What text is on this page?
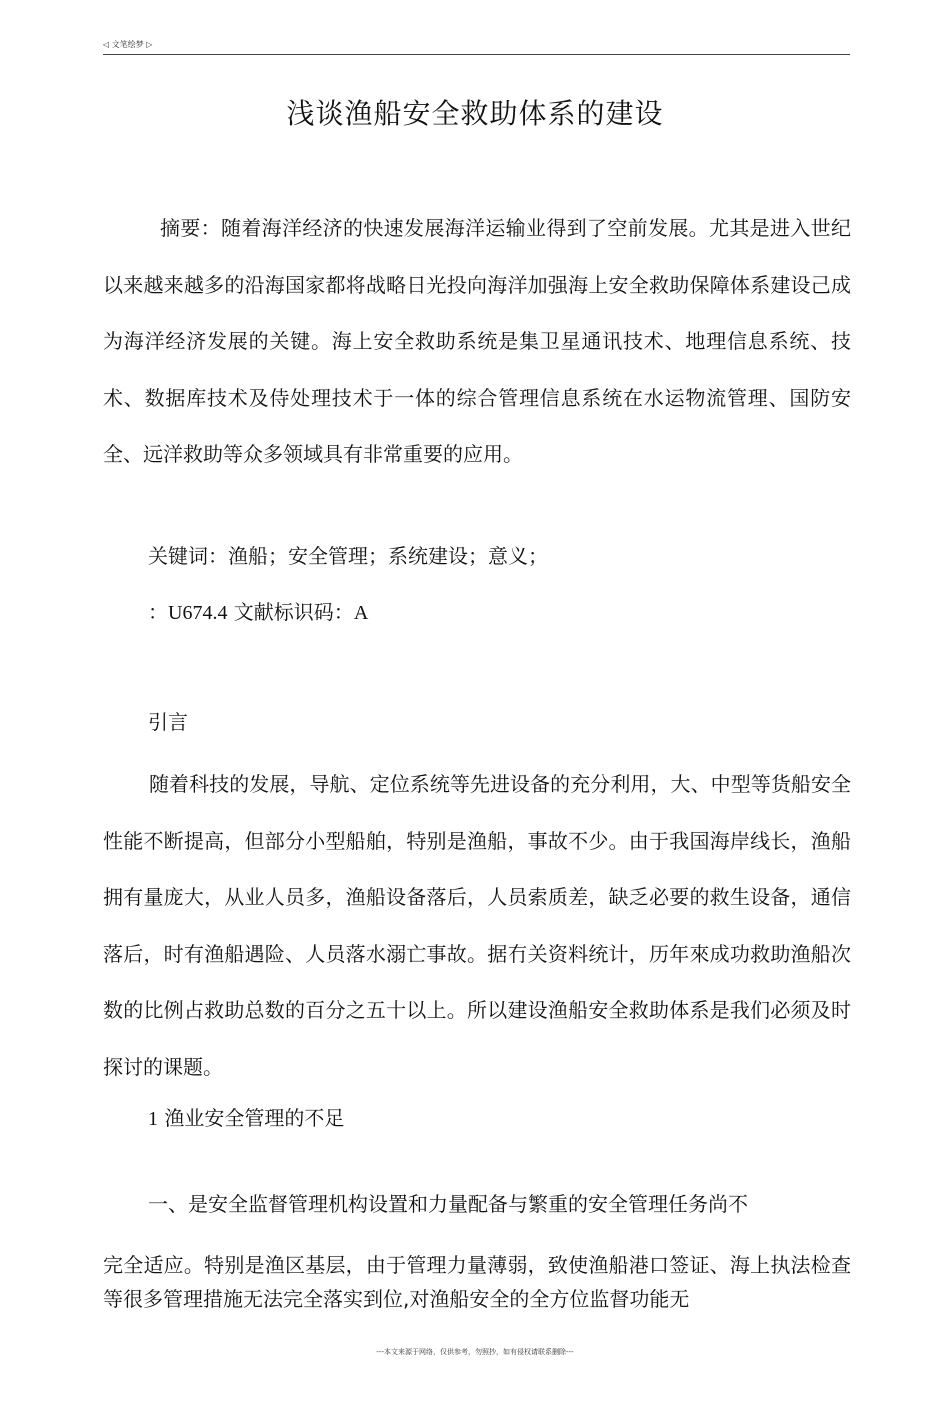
◁ 文笔绘梦 ▷
浅谈渔船安全救助体系的建设

摘要：随着海洋经济的快速发展海洋运输业得到了空前发展。尤其是进入世纪以来越来越多的沿海国家都将战略日光投向海洋加强海上安全救助保障体系建设己成为海洋经济发展的关键。海上安全救助系统是集卫星通讯技术、地理信息系统、技术、数据库技术及侍处理技术于一体的综合管理信息系统在水运物流管理、国防安全、远洋救助等众多领域具有非常重要的应用。

关键词：渔船；安全管理；系统建设；意义；
：U674.4 文献标识码：A
引言

随着科技的发展，导航、定位系统等先进设备的充分利用，大、中型等货船安全性能不断提高，但部分小型船舶，特别是渔船，事故不少。由于我国海岸线长，渔船拥有量庞大，从业人员多，渔船设备落后，人员索质差，缺乏必要的救生设备，通信落后，时有渔船遇险、人员落水溺亡事故。据冇关资料统计，历年來成功救助渔船次数的比例占救助总数的百分之五十以上。所以建设渔船安全救助体系是我们必须及时探讨的课题。

1 渔业安全管理的不足
一、是安全监督管理机构设置和力量配备与繁重的安全管理任务尚不

完全适应。特别是渔区基层，由于管理力量薄弱，致使渔船港口签证、海上执法检查等很多管理措施无法完全落实到位,对渔船安全的全方位监督功能无

---本文来源于网络，仅供参考，勿照抄，如有侵权请联系删除---
